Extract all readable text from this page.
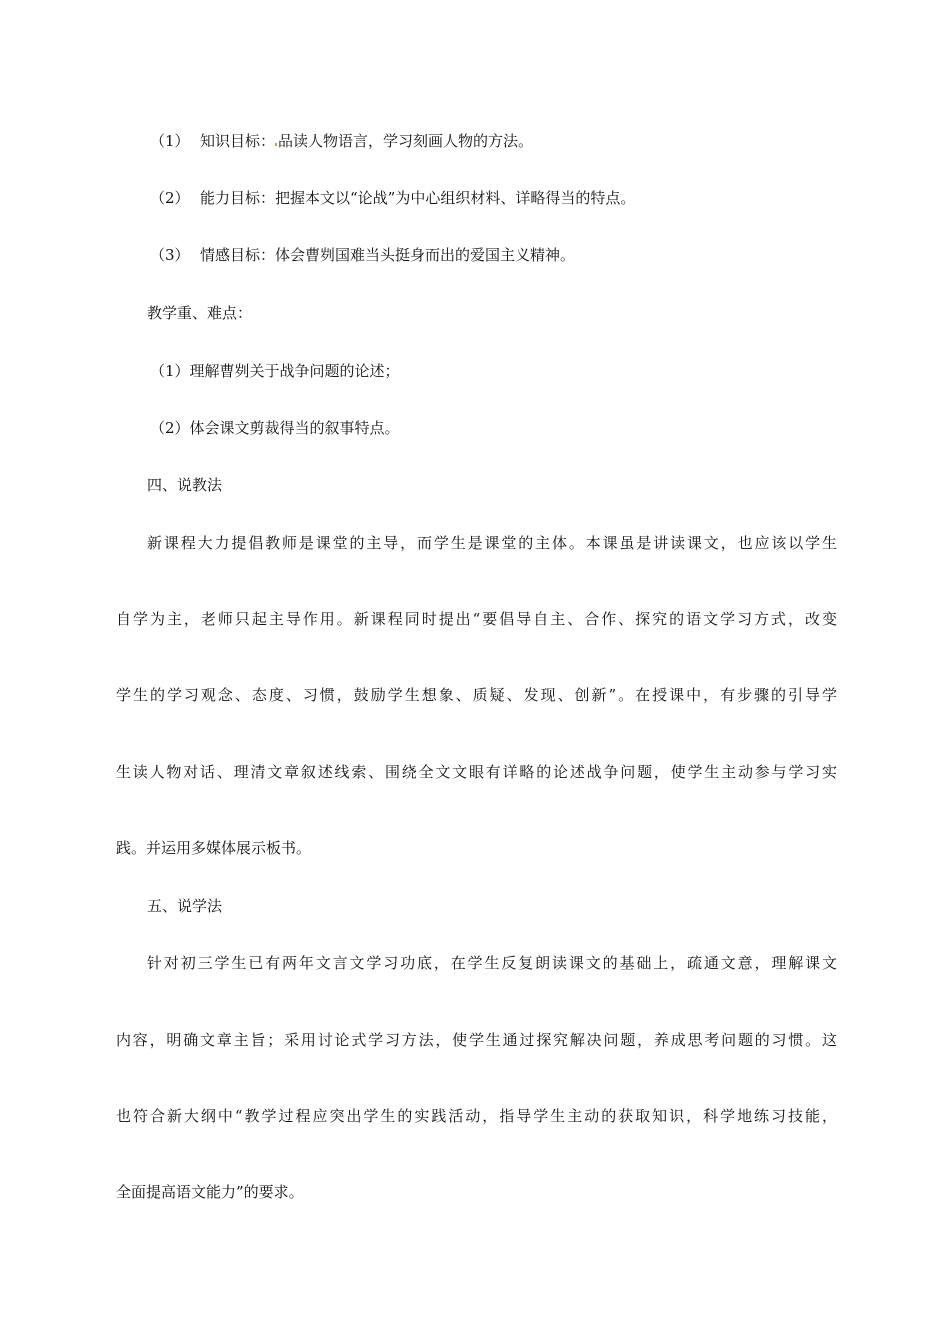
（1） 知识目标： 品读人物语言，学习刻画人物的方法。

（2） 能力目标：把握本文以“论战”为中心组织材料、详略得当的特点。

（3） 情感目标：体会曹刿国难当头挺身而出的爱国主义精神。

教学重、难点：

（1）理解曹刿关于战争问题的论述；

（2）体会课文剪裁得当的叙事特点。

四、说教法

新课程大力提倡教师是课堂的主导，而学生是课堂的主体。本课虽是讲读课文，也应该以学生

自学为主，老师只起主导作用。新课程同时提出“要倡导自主、合作、探究的语文学习方式，改变

学生的学习观念、态度、习惯，鼓励学生想象、质疑、发现、创新”。在授课中，有步骤的引导学

生读人物对话、理清文章叙述线索、围绕全文文眼有详略的论述战争问题，使学生主动参与学习实

践。并运用多媒体展示板书。

五、说学法

针对初三学生已有两年文言文学习功底，在学生反复朗读课文的基础上，疏通文意，理解课文

内容，明确文章主旨；采用讨论式学习方法，使学生通过探究解决问题，养成思考问题的习惯。这

也符合新大纲中“教学过程应突出学生的实践活动，指导学生主动的获取知识，科学地练习技能，

全面提高语文能力”的要求。
